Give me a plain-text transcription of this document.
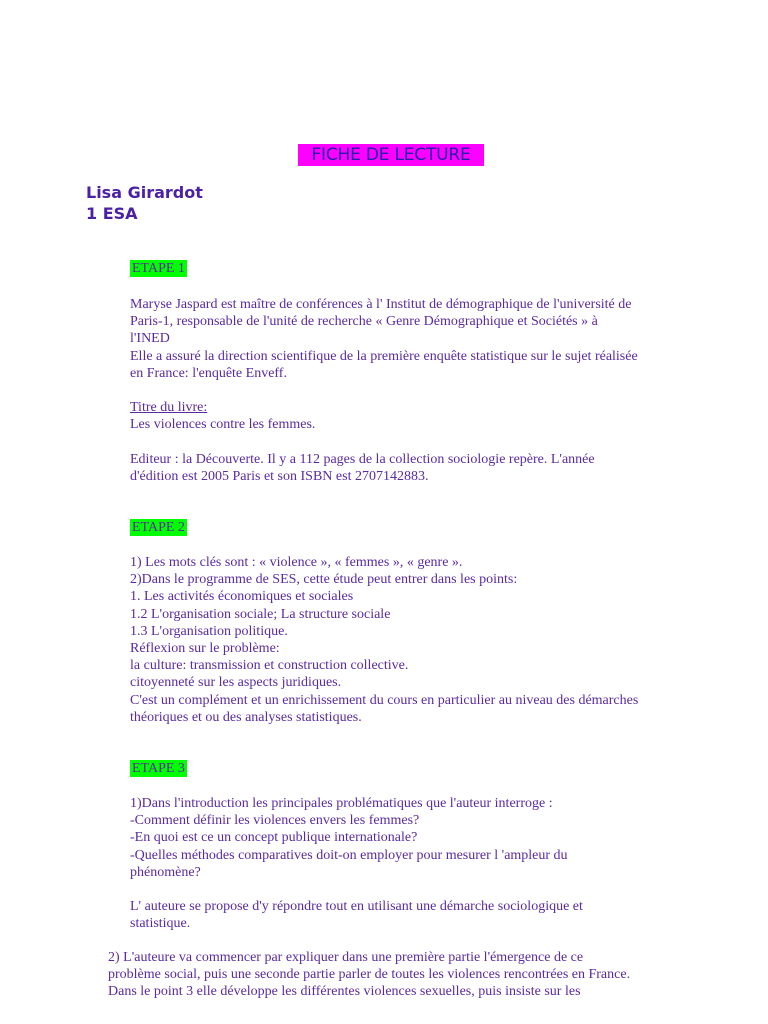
FICHE DE LECTURE
Lisa Girardot
1 ESA
ETAPE 1
Maryse Jaspard est maître de conférences à l' Institut de démographique de l'université de
Paris-1, responsable de l'unité de recherche « Genre Démographique et Sociétés » à
l'INED
Elle a assuré la direction scientifique de la première enquête statistique sur le sujet réalisée
en France: l'enquête Enveff.
Titre du livre:
Les violences contre les femmes.
Editeur : la Découverte. Il y a 112 pages de la collection sociologie repère. L'année
d'édition est 2005 Paris et son ISBN est 2707142883.
ETAPE 2
1) Les mots clés sont : « violence », « femmes », « genre ».
2)Dans le programme de SES, cette étude peut entrer dans les points:
1. Les activités économiques et sociales
1.2 L'organisation sociale; La structure sociale
1.3 L'organisation politique.
Réflexion sur le problème:
la culture: transmission et construction collective.
citoyenneté sur les aspects juridiques.
C'est un complément et un enrichissement du cours en particulier au niveau des démarches
théoriques et ou des analyses statistiques.
ETAPE 3
1)Dans l'introduction les principales problématiques que l'auteur interroge :
-Comment définir les violences envers les femmes?
-En quoi est ce un concept publique internationale?
-Quelles méthodes comparatives doit-on employer pour mesurer l 'ampleur du
phénomène?
L' auteure se propose d'y répondre tout en utilisant une démarche sociologique et
statistique.
2) L'auteure va commencer par expliquer dans une première partie l'émergence de ce
problème social, puis une seconde partie parler de toutes les violences rencontrées en France.
Dans le point 3 elle développe les différentes violences sexuelles, puis insiste sur les
